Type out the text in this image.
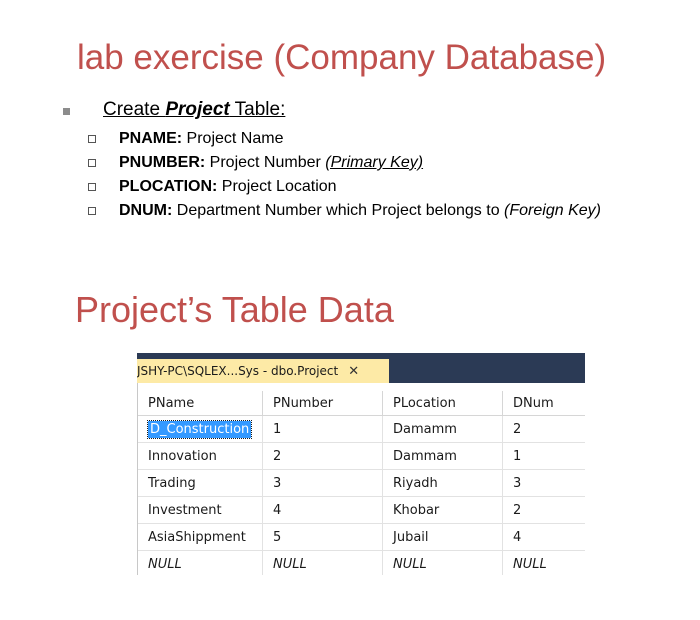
lab exercise (Company Database)
Create Project Table:
PNAME: Project Name
PNUMBER: Project Number (Primary Key)
PLOCATION: Project Location
DNUM: Department Number which Project belongs to (Foreign Key)
Project’s Table Data
JSHY-PC\SQLEX...Sys - dbo.Project ✕
PName	PNumber	PLocation	DNum
D_Construction	1	Damamm	2
Innovation	2	Dammam	1
Trading	3	Riyadh	3
Investment	4	Khobar	2
AsiaShippment	5	Jubail	4
NULL	NULL	NULL	NULL
